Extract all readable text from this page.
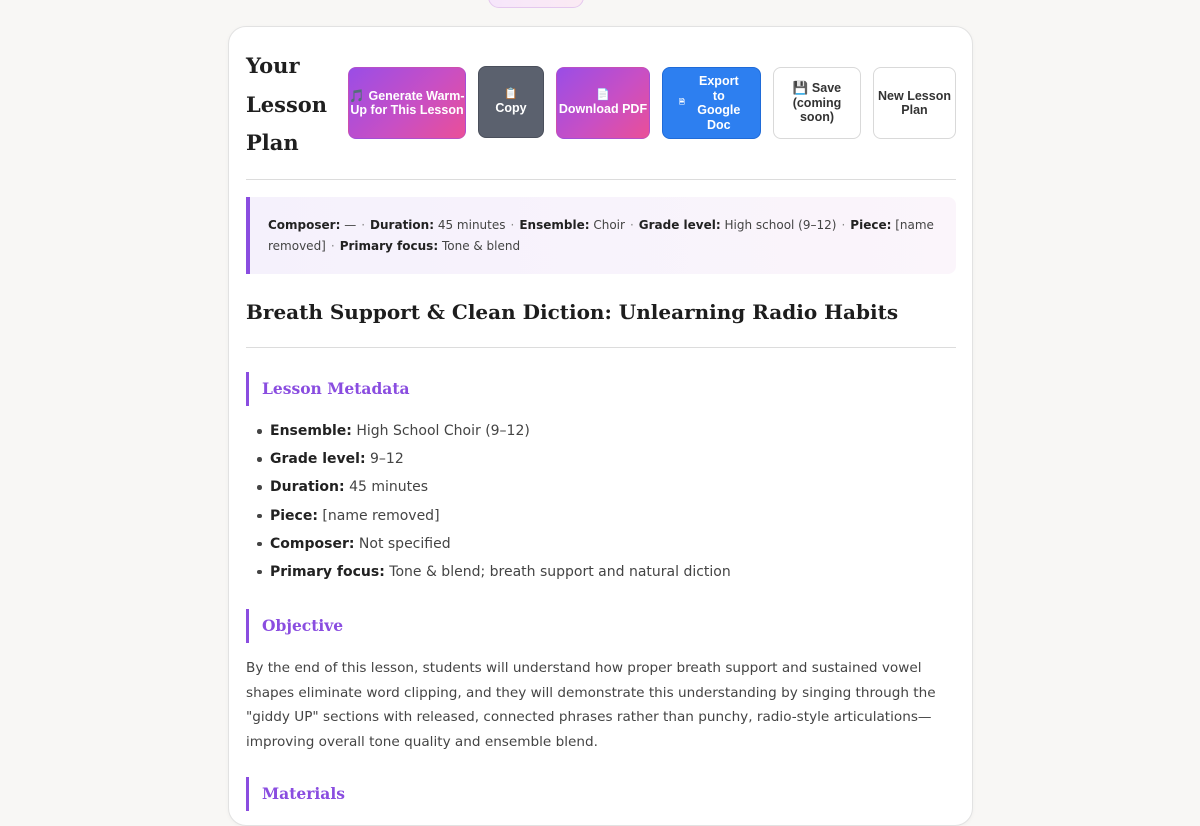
Your Lesson Plan
🎵 Generate Warm-Up for This Lesson
📋
Copy
📄
Download PDF	🗎
Export to Google Doc
💾 Save (coming soon)
New Lesson Plan
Composer: — · Duration: 45 minutes · Ensemble: Choir · Grade level: High school (9–12) · Piece: [name removed] · Primary focus: Tone & blend
Breath Support & Clean Diction: Unlearning Radio Habits
Lesson Metadata
Ensemble: High School Choir (9–12)
Grade level: 9–12
Duration: 45 minutes
Piece: [name removed]
Composer: Not specified
Primary focus: Tone & blend; breath support and natural diction
Objective

By the end of this lesson, students will understand how proper breath support and sustained vowel shapes eliminate word clipping, and they will demonstrate this understanding by singing through the "giddy UP" sections with released, connected phrases rather than punchy, radio-style articulations—improving overall tone quality and ensemble blend.

Materials
